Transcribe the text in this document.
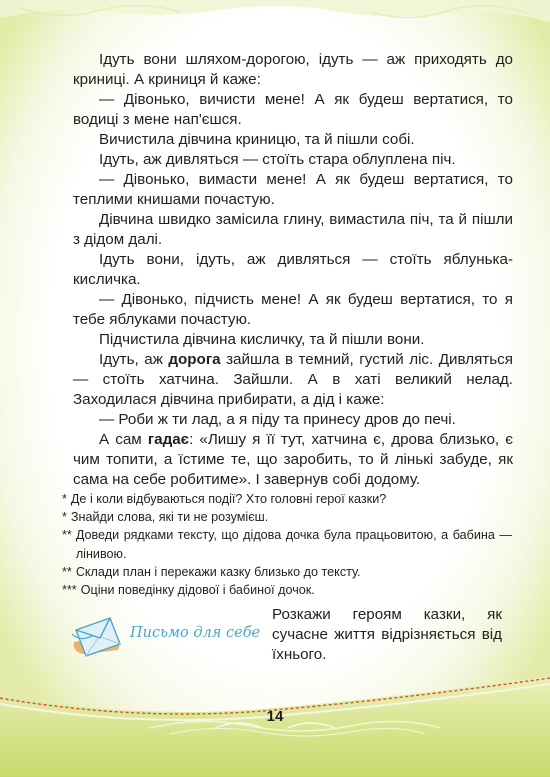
Ідуть вони шляхом-дорогою, ідуть — аж приходять до криниці. А криниця й каже:

— Дівонько, вичисти мене! А як будеш вертатися, то водиці з мене нап'єшся.

Вичистила дівчина криницю, та й пішли собі.

Ідуть, аж дивляться — стоїть стара облуплена піч.

— Дівонько, вимасти мене! А як будеш вертатися, то теплими книшами почастую.

Дівчина швидко замісила глину, вимастила піч, та й пішли з дідом далі.

Ідуть вони, ідуть, аж дивляться — стоїть яблунька-кисличка.

— Дівонько, підчисть мене! А як будеш вертатися, то я тебе яблуками почастую.

Підчистила дівчина кисличку, та й пішли вони.

Ідуть, аж дорога зайшла в темний, густий ліс. Дивляться — стоїть хатчина. Зайшли. А в хаті великий нелад. Заходилася дівчина прибирати, а дід і каже:

— Роби ж ти лад, а я піду та принесу дров до печі.

А сам гадає: «Лишу я її тут, хатчина є, дрова близько, є чим топити, а їстиме те, що заробить, то й лінькі забуде, як сама на себе робитиме». І завернув собі додому.

* Де і коли відбуваються події? Хто головні герої казки?
* Знайди слова, які ти не розумієш.
** Доведи рядками тексту, що дідова дочка була працьовитою, а бабина — лінивою.
** Склади план і перекажи казку близько до тексту.
*** Оціни поведінку дідової і бабиної дочок.
Письмо для себе
Розкажи героям казки, як сучасне життя відрізняється від їхнього.
14
